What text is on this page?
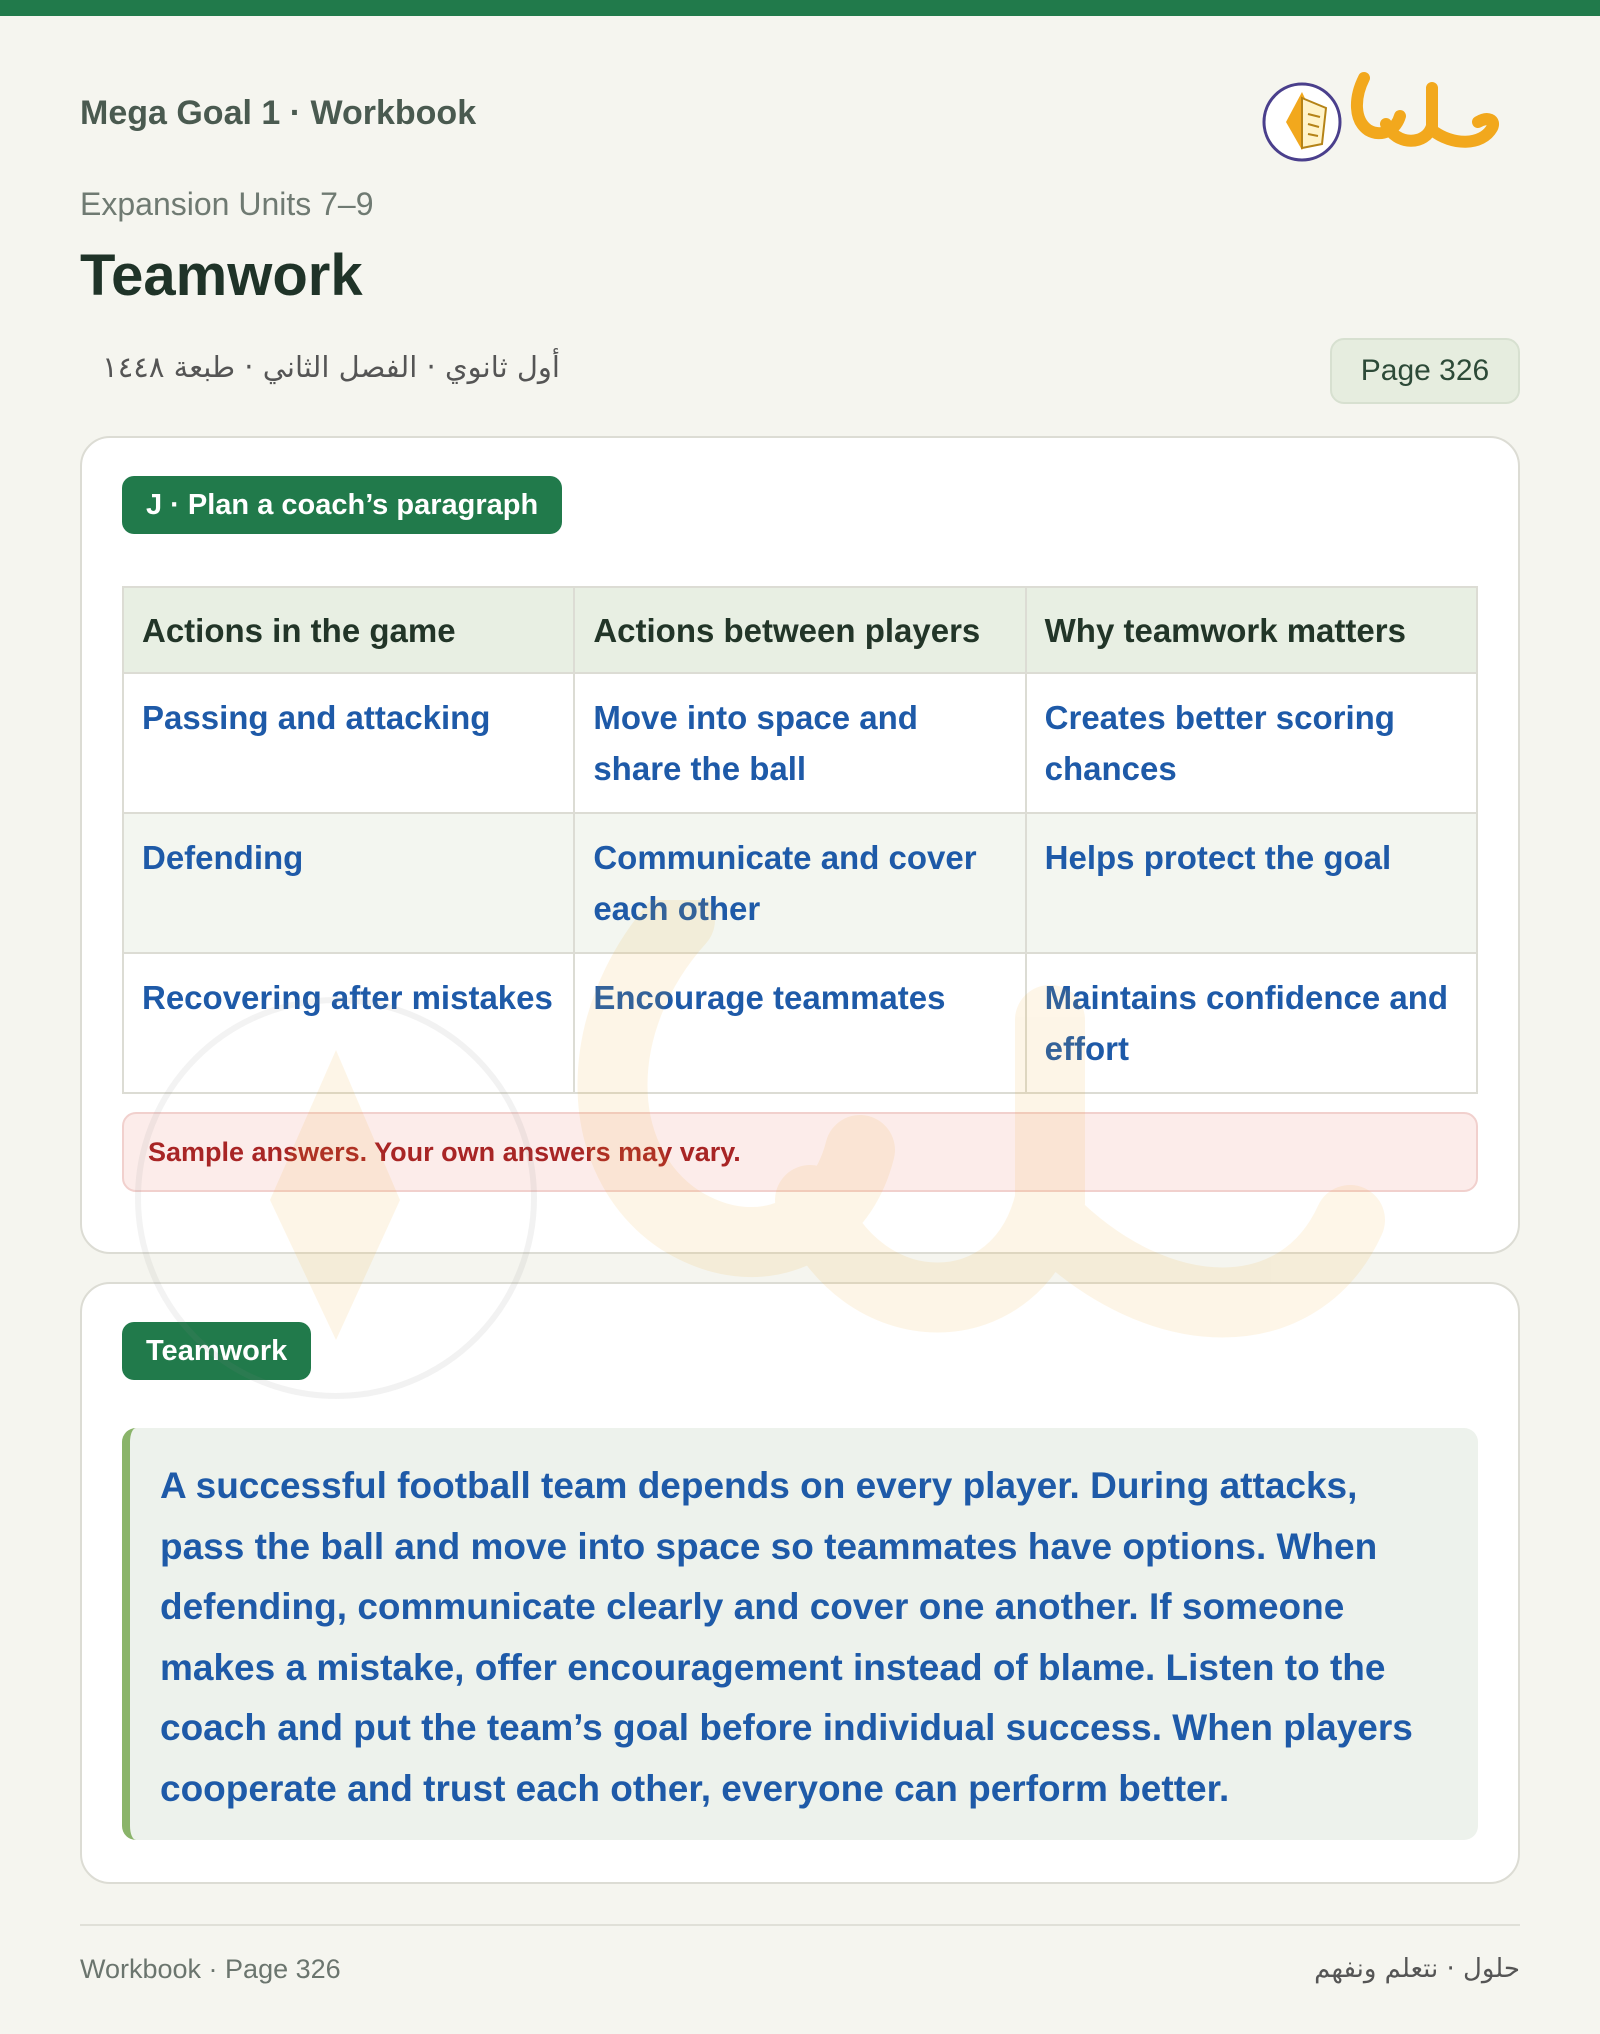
Mega Goal 1 · Workbook
Expansion Units 7–9
Teamwork
أول ثانوي · الفصل الثاني · طبعة ١٤٤٨	Page 326
J · Plan a coach’s paragraph
Actions in the game	Actions between players	Why teamwork matters
Passing and attacking	Move into space and share the ball	Creates better scoring chances
Defending	Communicate and cover each other	Helps protect the goal
Recovering after mistakes	Encourage teammates	Maintains confidence and effort
Sample answers. Your own answers may vary.
Teamwork
A successful football team depends on every player. During attacks, pass the ball and move into space so teammates have options. When defending, communicate clearly and cover one another. If someone makes a mistake, offer encouragement instead of blame. Listen to the coach and put the team’s goal before individual success. When players cooperate and trust each other, everyone can perform better.
Workbook · Page 326	حلول · نتعلم ونفهم
